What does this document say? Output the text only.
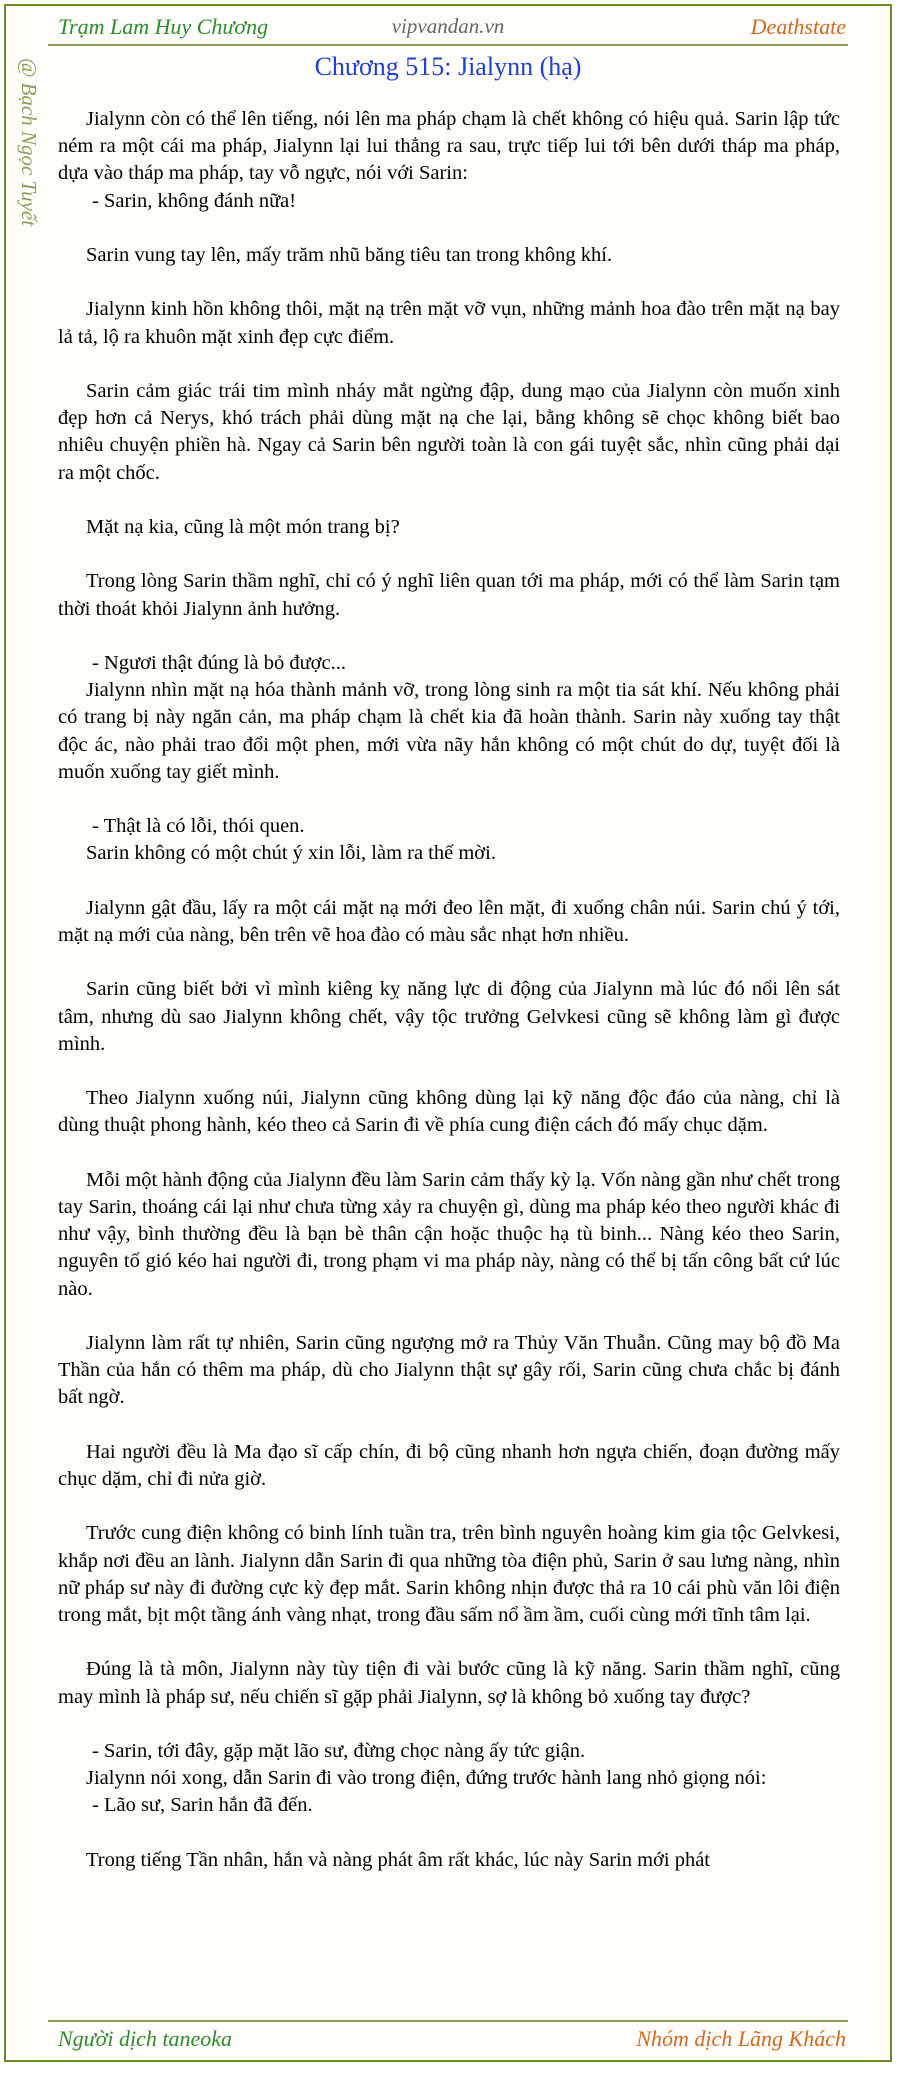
Trạm Lam Huy Chương	vipvandan.vn	Deathstate
@ Bạch Ngọc Tuyết	Chương 515: Jialynn (hạ)

Jialynn còn có thể lên tiếng, nói lên ma pháp chạm là chết không có hiệu quả. Sarin lập tức ném ra một cái ma pháp, Jialynn lại lui thẳng ra sau, trực tiếp lui tới bên dưới tháp ma pháp, dựa vào tháp ma pháp, tay vỗ ngực, nói với Sarin:

- Sarin, không đánh nữa!

Sarin vung tay lên, mấy trăm nhũ băng tiêu tan trong không khí.

Jialynn kinh hồn không thôi, mặt nạ trên mặt vỡ vụn, những mảnh hoa đào trên mặt nạ bay lả tả, lộ ra khuôn mặt xinh đẹp cực điểm.

Sarin cảm giác trái tim mình nháy mắt ngừng đập, dung mạo của Jialynn còn muốn xinh đẹp hơn cả Nerys, khó trách phải dùng mặt nạ che lại, bằng không sẽ chọc không biết bao nhiêu chuyện phiền hà. Ngay cả Sarin bên người toàn là con gái tuyệt sắc, nhìn cũng phải dại ra một chốc.

Mặt nạ kia, cũng là một món trang bị?

Trong lòng Sarin thầm nghĩ, chỉ có ý nghĩ liên quan tới ma pháp, mới có thể làm Sarin tạm thời thoát khỏi Jialynn ảnh hưởng.

- Ngươi thật đúng là bỏ được...

Jialynn nhìn mặt nạ hóa thành mảnh vỡ, trong lòng sinh ra một tia sát khí. Nếu không phải có trang bị này ngăn cản, ma pháp chạm là chết kia đã hoàn thành. Sarin này xuống tay thật độc ác, nào phải trao đổi một phen, mới vừa nãy hắn không có một chút do dự, tuyệt đối là muốn xuống tay giết mình.

- Thật là có lỗi, thói quen.

Sarin không có một chút ý xin lỗi, làm ra thế mời.

Jialynn gật đầu, lấy ra một cái mặt nạ mới đeo lên mặt, đi xuống chân núi. Sarin chú ý tới, mặt nạ mới của nàng, bên trên vẽ hoa đào có màu sắc nhạt hơn nhiều.

Sarin cũng biết bởi vì mình kiêng kỵ năng lực di động của Jialynn mà lúc đó nổi lên sát tâm, nhưng dù sao Jialynn không chết, vậy tộc trưởng Gelvkesi cũng sẽ không làm gì được mình.

Theo Jialynn xuống núi, Jialynn cũng không dùng lại kỹ năng độc đáo của nàng, chỉ là dùng thuật phong hành, kéo theo cả Sarin đi về phía cung điện cách đó mấy chục dặm.

Mỗi một hành động của Jialynn đều làm Sarin cảm thấy kỳ lạ. Vốn nàng gần như chết trong tay Sarin, thoáng cái lại như chưa từng xảy ra chuyện gì, dùng ma pháp kéo theo người khác đi như vậy, bình thường đều là bạn bè thân cận hoặc thuộc hạ tù binh... Nàng kéo theo Sarin, nguyên tố gió kéo hai người đi, trong phạm vi ma pháp này, nàng có thể bị tấn công bất cứ lúc nào.

Jialynn làm rất tự nhiên, Sarin cũng ngượng mở ra Thủy Văn Thuẫn. Cũng may bộ đồ Ma Thần của hắn có thêm ma pháp, dù cho Jialynn thật sự gây rối, Sarin cũng chưa chắc bị đánh bất ngờ.

Hai người đều là Ma đạo sĩ cấp chín, đi bộ cũng nhanh hơn ngựa chiến, đoạn đường mấy chục dặm, chỉ đi nửa giờ.

Trước cung điện không có binh lính tuần tra, trên bình nguyên hoàng kim gia tộc Gelvkesi, khắp nơi đều an lành. Jialynn dẫn Sarin đi qua những tòa điện phủ, Sarin ở sau lưng nàng, nhìn nữ pháp sư này đi đường cực kỳ đẹp mắt. Sarin không nhịn được thả ra 10 cái phù văn lôi điện trong mắt, bịt một tầng ánh vàng nhạt, trong đầu sấm nổ ầm ầm, cuối cùng mới tĩnh tâm lại.

Đúng là tà môn, Jialynn này tùy tiện đi vài bước cũng là kỹ năng. Sarin thầm nghĩ, cũng may mình là pháp sư, nếu chiến sĩ gặp phải Jialynn, sợ là không bỏ xuống tay được?

- Sarin, tới đây, gặp mặt lão sư, đừng chọc nàng ấy tức giận.

Jialynn nói xong, dẫn Sarin đi vào trong điện, đứng trước hành lang nhỏ giọng nói:

- Lão sư, Sarin hắn đã đến.

Trong tiếng Tần nhân, hắn và nàng phát âm rất khác, lúc này Sarin mới phát

Người dịch taneoka	Nhóm dịch Lãng Khách
